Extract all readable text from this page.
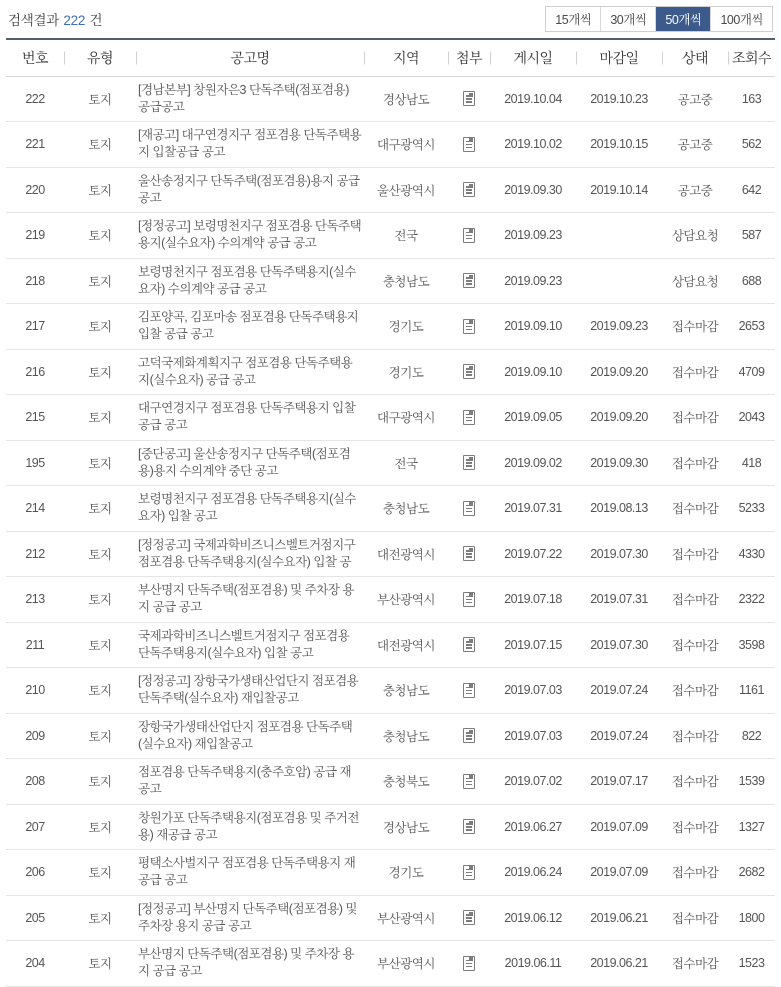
검색결과 222 건	15개씩	30개씩	50개씩	100개씩
번호	유형	공고명	지역	첨부	게시일	마감일	상태	조회수
222	토지	[경남본부] 창원자은3 단독주택(점포겸용) 공급공고	경상남도		2019.10.04	2019.10.23	공고중	163
221	토지	[재공고] 대구연경지구 점포겸용 단독주택용지 입찰공급 공고	대구광역시		2019.10.02	2019.10.15	공고중	562
220	토지	울산송정지구 단독주택(점포겸용)용지 공급 공고	울산광역시		2019.09.30	2019.10.14	공고중	642
219	토지	[정정공고] 보령명천지구 점포겸용 단독주택용지(실수요자) 수의계약 공급 공고	전국		2019.09.23		상담요청	587
218	토지	보령명천지구 점포겸용 단독주택용지(실수요자) 수의계약 공급 공고	충청남도		2019.09.23		상담요청	688
217	토지	김포양곡, 김포마송 점포겸용 단독주택용지 입찰 공급 공고	경기도		2019.09.10	2019.09.23	접수마감	2653
216	토지	고덕국제화계획지구 점포겸용 단독주택용지(실수요자) 공급 공고	경기도		2019.09.10	2019.09.20	접수마감	4709
215	토지	대구연경지구 점포겸용 단독주택용지 입찰 공급 공고	대구광역시		2019.09.05	2019.09.20	접수마감	2043
195	토지	[중단공고] 울산송정지구 단독주택(점포겸용)용지 수의계약 중단 공고	전국		2019.09.02	2019.09.30	접수마감	418
214	토지	보령명천지구 점포겸용 단독주택용지(실수요자) 입찰 공고	충청남도		2019.07.31	2019.08.13	접수마감	5233
212	토지	[정정공고] 국제과학비즈니스벨트거점지구 점포겸용 단독주택용지(실수요자) 입찰 공	대전광역시		2019.07.22	2019.07.30	접수마감	4330
213	토지	부산명지 단독주택(점포겸용) 및 주차장 용지 공급 공고	부산광역시		2019.07.18	2019.07.31	접수마감	2322
211	토지	국제과학비즈니스벨트거점지구 점포겸용 단독주택용지(실수요자) 입찰 공고	대전광역시		2019.07.15	2019.07.30	접수마감	3598
210	토지	[정정공고] 장항국가생태산업단지 점포겸용 단독주택(실수요자) 재입찰공고	충청남도		2019.07.03	2019.07.24	접수마감	1161
209	토지	장항국가생태산업단지 점포겸용 단독주택(실수요자) 재입찰공고	충청남도		2019.07.03	2019.07.24	접수마감	822
208	토지	점포겸용 단독주택용지(충주호암) 공급 재공고	충청북도		2019.07.02	2019.07.17	접수마감	1539
207	토지	창원가포 단독주택용지(점포겸용 및 주거전용) 재공급 공고	경상남도		2019.06.27	2019.07.09	접수마감	1327
206	토지	평택소사벌지구 점포겸용 단독주택용지 재공급 공고	경기도		2019.06.24	2019.07.09	접수마감	2682
205	토지	[정정공고] 부산명지 단독주택(점포겸용) 및 주차장 용지 공급 공고	부산광역시		2019.06.12	2019.06.21	접수마감	1800
204	토지	부산명지 단독주택(점포겸용) 및 주차장 용지 공급 공고	부산광역시		2019.06.11	2019.06.21	접수마감	1523
